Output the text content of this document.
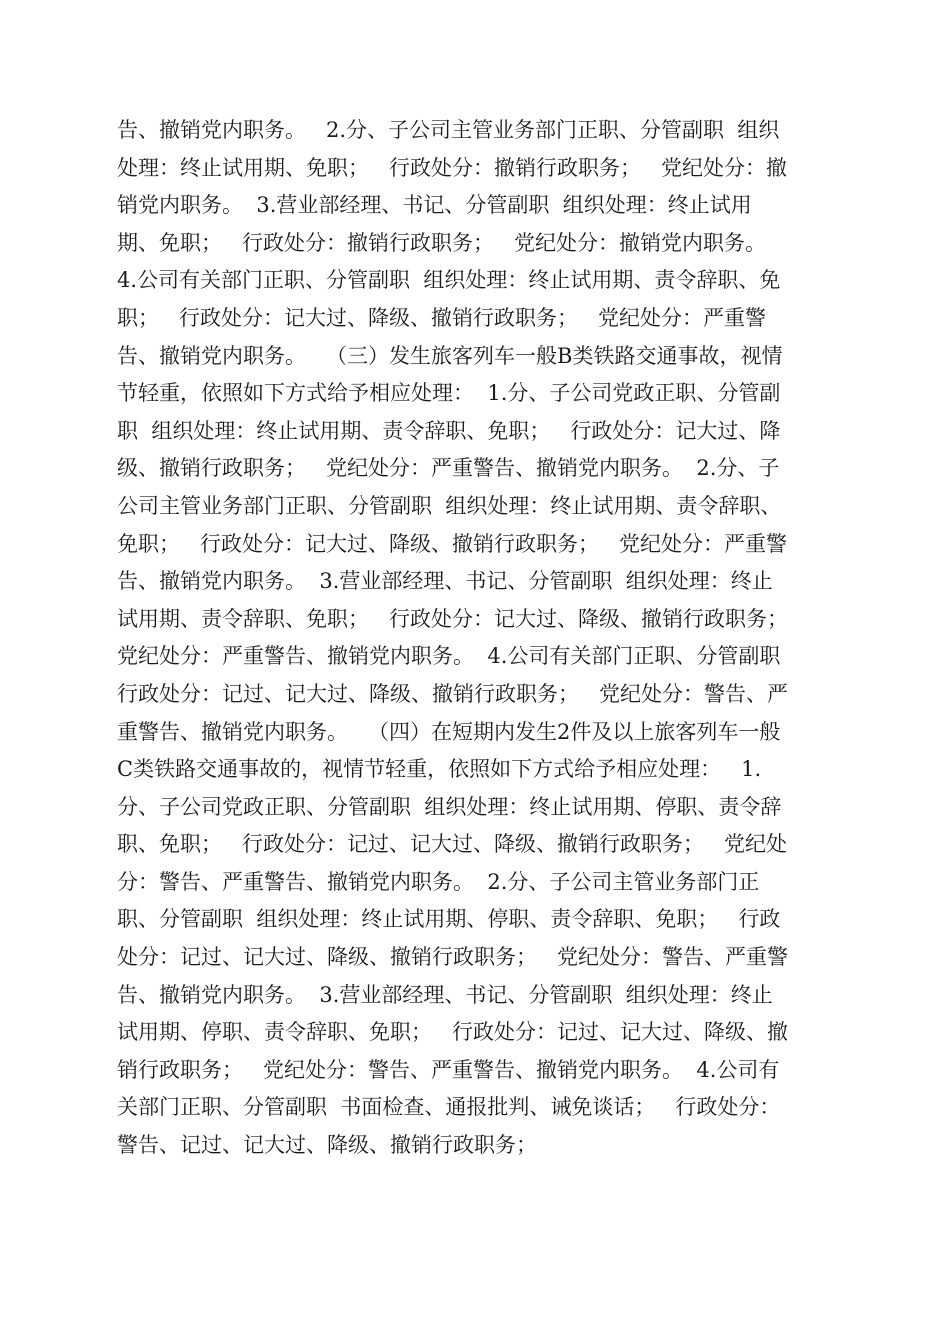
告、撤销党内职务。   2.分、子公司主管业务部门正职、分管副职  组织
处理：终止试用期、免职；   行政处分：撤销行政职务；   党纪处分：撤
销党内职务。  3.营业部经理、书记、分管副职  组织处理：终止试用
期、免职；   行政处分：撤销行政职务；   党纪处分：撤销党内职务。
4.公司有关部门正职、分管副职  组织处理：终止试用期、责令辞职、免
职；   行政处分：记大过、降级、撤销行政职务；   党纪处分：严重警
告、撤销党内职务。   （三）发生旅客列车一般B类铁路交通事故，视情
节轻重，依照如下方式给予相应处理：  1.分、子公司党政正职、分管副
职  组织处理：终止试用期、责令辞职、免职；   行政处分：记大过、降
级、撤销行政职务；   党纪处分：严重警告、撤销党内职务。  2.分、子
公司主管业务部门正职、分管副职  组织处理：终止试用期、责令辞职、
免职；   行政处分：记大过、降级、撤销行政职务；   党纪处分：严重警
告、撤销党内职务。  3.营业部经理、书记、分管副职  组织处理：终止
试用期、责令辞职、免职；   行政处分：记大过、降级、撤销行政职务；
党纪处分：严重警告、撤销党内职务。  4.公司有关部门正职、分管副职
行政处分：记过、记大过、降级、撤销行政职务；   党纪处分：警告、严
重警告、撤销党内职务。   （四）在短期内发生2件及以上旅客列车一般
C类铁路交通事故的，视情节轻重，依照如下方式给予相应处理：   1.
分、子公司党政正职、分管副职  组织处理：终止试用期、停职、责令辞
职、免职；   行政处分：记过、记大过、降级、撤销行政职务；   党纪处
分：警告、严重警告、撤销党内职务。  2.分、子公司主管业务部门正
职、分管副职  组织处理：终止试用期、停职、责令辞职、免职；   行政
处分：记过、记大过、降级、撤销行政职务；   党纪处分：警告、严重警
告、撤销党内职务。  3.营业部经理、书记、分管副职  组织处理：终止
试用期、停职、责令辞职、免职；   行政处分：记过、记大过、降级、撤
销行政职务；   党纪处分：警告、严重警告、撤销党内职务。  4.公司有
关部门正职、分管副职  书面检查、通报批判、诫免谈话；   行政处分：
警告、记过、记大过、降级、撤销行政职务；
